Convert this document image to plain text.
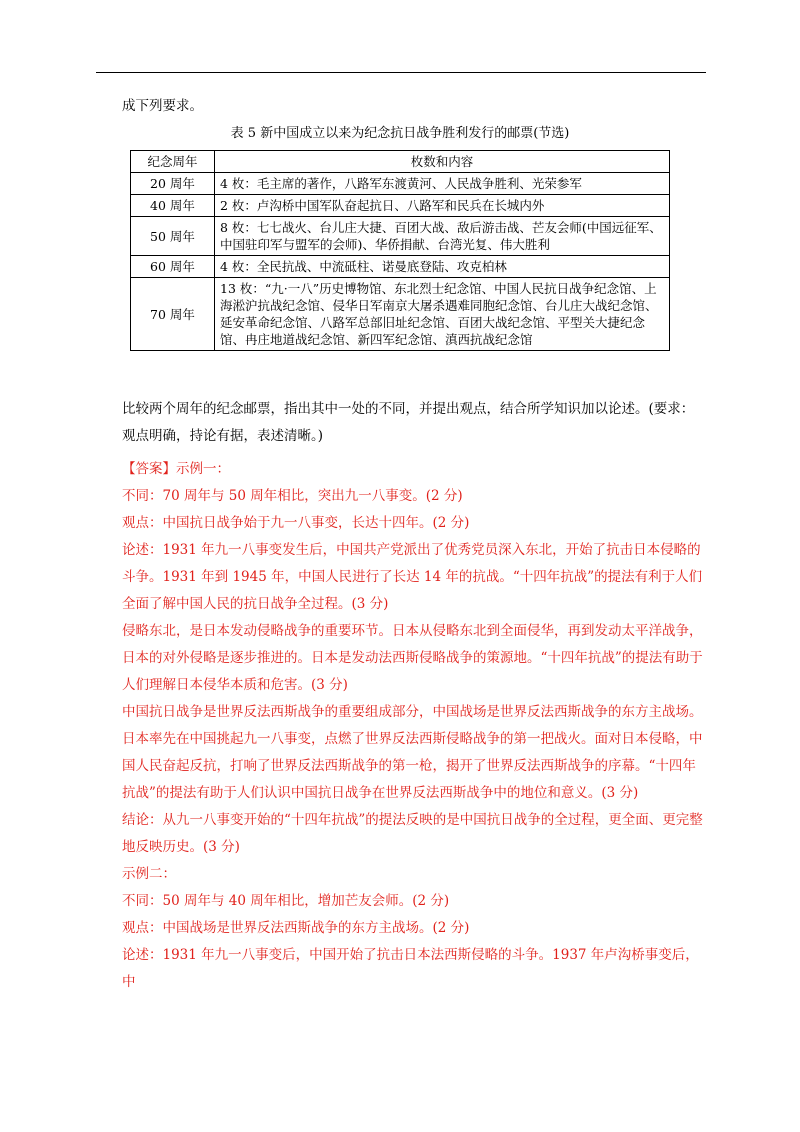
成下列要求。
表 5 新中国成立以来为纪念抗日战争胜利发行的邮票(节选)
纪念周年	枚数和内容
20 周年	4 枚：毛主席的著作，八路军东渡黄河、人民战争胜利、光荣参军
40 周年	2 枚：卢沟桥中国军队奋起抗日、八路军和民兵在长城内外
50 周年	8 枚：七七战火、台儿庄大捷、百团大战、敌后游击战、芒友会师(中国远征军、中国驻印军与盟军的会师)、华侨捐献、台湾光复、伟大胜利
60 周年	4 枚：全民抗战、中流砥柱、诺曼底登陆、攻克柏林
70 周年	13 枚：“九·一八”历史博物馆、东北烈士纪念馆、中国人民抗日战争纪念馆、上海淞沪抗战纪念馆、侵华日军南京大屠杀遇难同胞纪念馆、台儿庄大战纪念馆、延安革命纪念馆、八路军总部旧址纪念馆、百团大战纪念馆、平型关大捷纪念馆、冉庄地道战纪念馆、新四军纪念馆、滇西抗战纪念馆
比较两个周年的纪念邮票，指出其中一处的不同，并提出观点，结合所学知识加以论述。(要求：观点明确，持论有据，表述清晰。)

【答案】示例一：

不同：70 周年与 50 周年相比，突出九一八事变。(2 分)

观点：中国抗日战争始于九一八事变，长达十四年。(2 分)

论述：1931 年九一八事变发生后，中国共产党派出了优秀党员深入东北，开始了抗击日本侵略的斗争。1931 年到 1945 年，中国人民进行了长达 14 年的抗战。“十四年抗战”的提法有利于人们全面了解中国人民的抗日战争全过程。(3 分)

侵略东北，是日本发动侵略战争的重要环节。日本从侵略东北到全面侵华，再到发动太平洋战争，日本的对外侵略是逐步推进的。日本是发动法西斯侵略战争的策源地。“十四年抗战”的提法有助于人们理解日本侵华本质和危害。(3 分)

中国抗日战争是世界反法西斯战争的重要组成部分，中国战场是世界反法西斯战争的东方主战场。日本率先在中国挑起九一八事变，点燃了世界反法西斯侵略战争的第一把战火。面对日本侵略，中国人民奋起反抗，打响了世界反法西斯战争的第一枪，揭开了世界反法西斯战争的序幕。“十四年抗战”的提法有助于人们认识中国抗日战争在世界反法西斯战争中的地位和意义。(3 分)

结论：从九一八事变开始的“十四年抗战”的提法反映的是中国抗日战争的全过程，更全面、更完整地反映历史。(3 分)

示例二：

不同：50 周年与 40 周年相比，增加芒友会师。(2 分)

观点：中国战场是世界反法西斯战争的东方主战场。(2 分)

论述：1931 年九一八事变后，中国开始了抗击日本法西斯侵略的斗争。1937 年卢沟桥事变后，中
